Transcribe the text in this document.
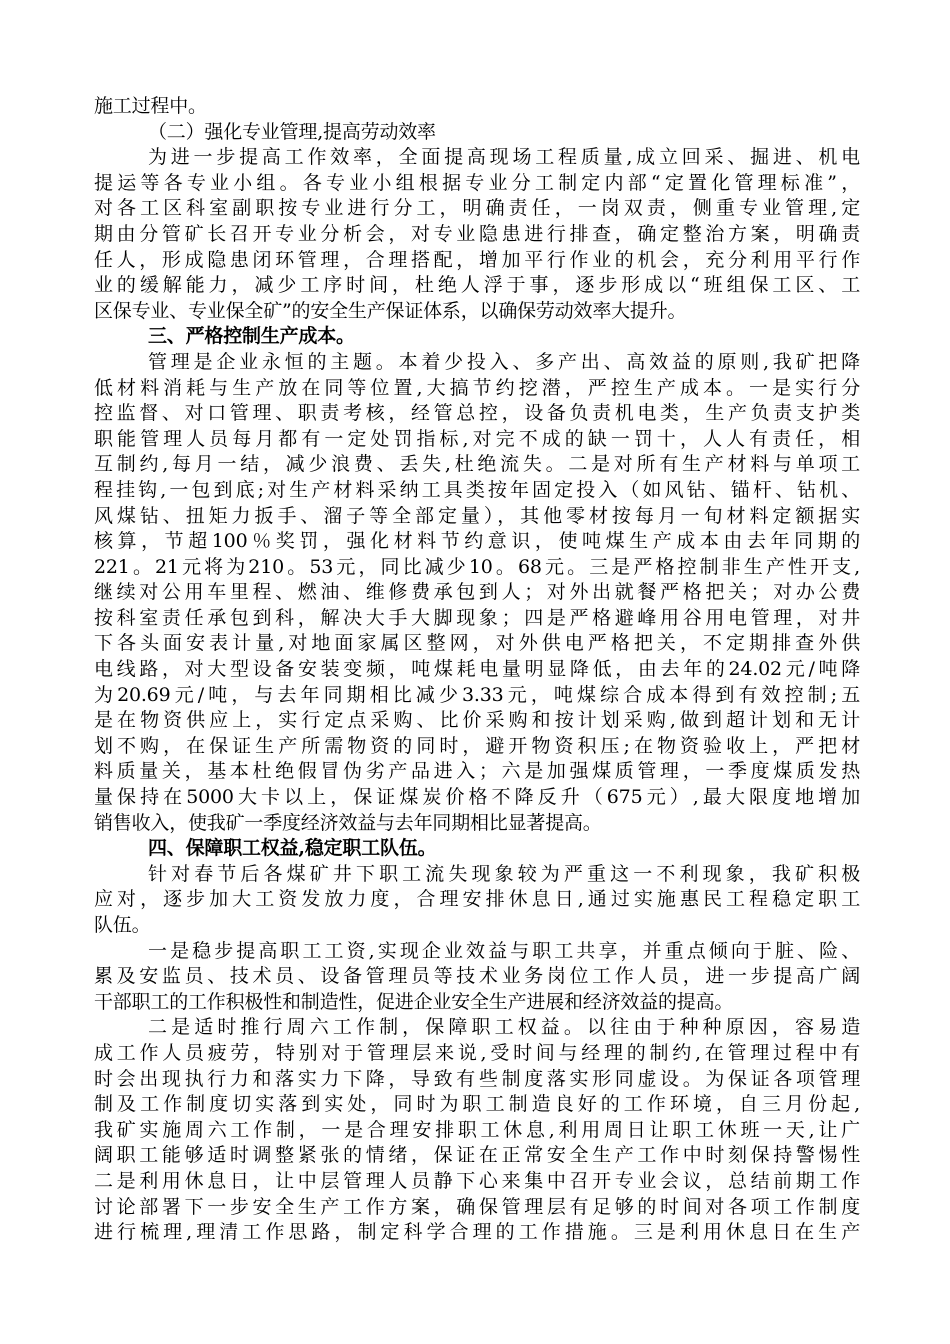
施工过程中。
（二）强化专业管理,提高劳动效率
为进一步提高工作效率，全面提高现场工程质量,成立回采、掘进、机电
提运等各专业小组。各专业小组根据专业分工制定内部“定置化管理标准”，
对各工区科室副职按专业进行分工，明确责任，一岗双责，侧重专业管理,定
期由分管矿长召开专业分析会，对专业隐患进行排查，确定整治方案，明确责
任人，形成隐患闭环管理，合理搭配，增加平行作业的机会，充分利用平行作
业的缓解能力，减少工序时间，杜绝人浮于事，逐步形成以“班组保工区、工
区保专业、专业保全矿”的安全生产保证体系，以确保劳动效率大提升。
三、严格控制生产成本。
管理是企业永恒的主题。本着少投入、多产出、高效益的原则,我矿把降
低材料消耗与生产放在同等位置,大搞节约挖潜，严控生产成本。一是实行分
控监督、对口管理、职责考核，经管总控，设备负责机电类，生产负责支护类
职能管理人员每月都有一定处罚指标,对完不成的缺一罚十，人人有责任，相
互制约,每月一结，减少浪费、丢失,杜绝流失。二是对所有生产材料与单项工
程挂钩,一包到底;对生产材料采纳工具类按年固定投入（如风钻、锚杆、钻机、
风煤钻、扭矩力扳手、溜子等全部定量），其他零材按每月一旬材料定额据实
核算，节超100％奖罚，强化材料节约意识，使吨煤生产成本由去年同期的
221。21元将为210。53元，同比减少10。68元。三是严格控制非生产性开支,
继续对公用车里程、燃油、维修费承包到人；对外出就餐严格把关；对办公费
按科室责任承包到科，解决大手大脚现象；四是严格避峰用谷用电管理，对井
下各头面安表计量,对地面家属区整网，对外供电严格把关，不定期排查外供
电线路，对大型设备安装变频，吨煤耗电量明显降低，由去年的24.02元/吨降
为20.69元/吨，与去年同期相比减少3.33元，吨煤综合成本得到有效控制;五
是在物资供应上，实行定点采购、比价采购和按计划采购,做到超计划和无计
划不购，在保证生产所需物资的同时，避开物资积压;在物资验收上，严把材
料质量关，基本杜绝假冒伪劣产品进入；六是加强煤质管理，一季度煤质发热
量保持在5000大卡以上，保证煤炭价格不降反升（675元）,最大限度地增加
销售收入，使我矿一季度经济效益与去年同期相比显著提高。
四、保障职工权益,稳定职工队伍。
针对春节后各煤矿井下职工流失现象较为严重这一不利现象，我矿积极
应对，逐步加大工资发放力度，合理安排休息日,通过实施惠民工程稳定职工
队伍。
一是稳步提高职工工资,实现企业效益与职工共享，并重点倾向于脏、险、
累及安监员、技术员、设备管理员等技术业务岗位工作人员，进一步提高广阔
干部职工的工作积极性和制造性，促进企业安全生产进展和经济效益的提高。
二是适时推行周六工作制，保障职工权益。以往由于种种原因，容易造
成工作人员疲劳，特别对于管理层来说,受时间与经理的制约,在管理过程中有
时会出现执行力和落实力下降，导致有些制度落实形同虚设。为保证各项管理
制及工作制度切实落到实处，同时为职工制造良好的工作环境，自三月份起,
我矿实施周六工作制，一是合理安排职工休息,利用周日让职工休班一天,让广
阔职工能够适时调整紧张的情绪，保证在正常安全生产工作中时刻保持警惕性
二是利用休息日，让中层管理人员静下心来集中召开专业会议，总结前期工作
讨论部署下一步安全生产工作方案，确保管理层有足够的时间对各项工作制度
进行梳理,理清工作思路，制定科学合理的工作措施。三是利用休息日在生产
